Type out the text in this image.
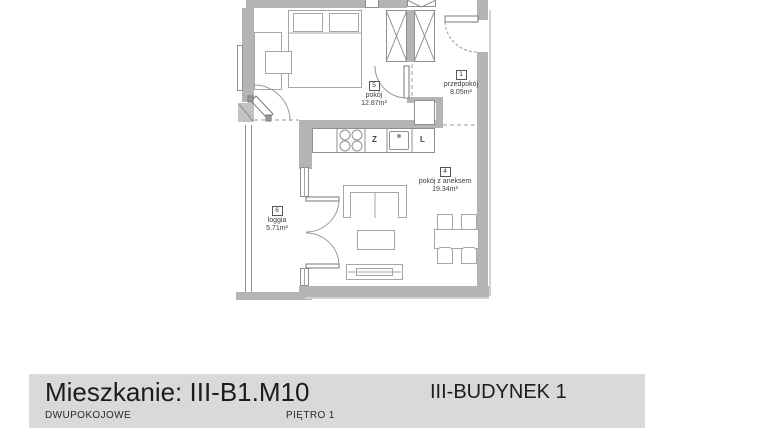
Z	L
5
pokój
12.87m²
1
przedpokój
8.05m²
4
pokój z aneksem
19.34m²
6
loggia
5.71m²
Mieszkanie: III-B1.M10	III-BUDYNEK 1
DWUPOKOJOWE	PIĘTRO 1
